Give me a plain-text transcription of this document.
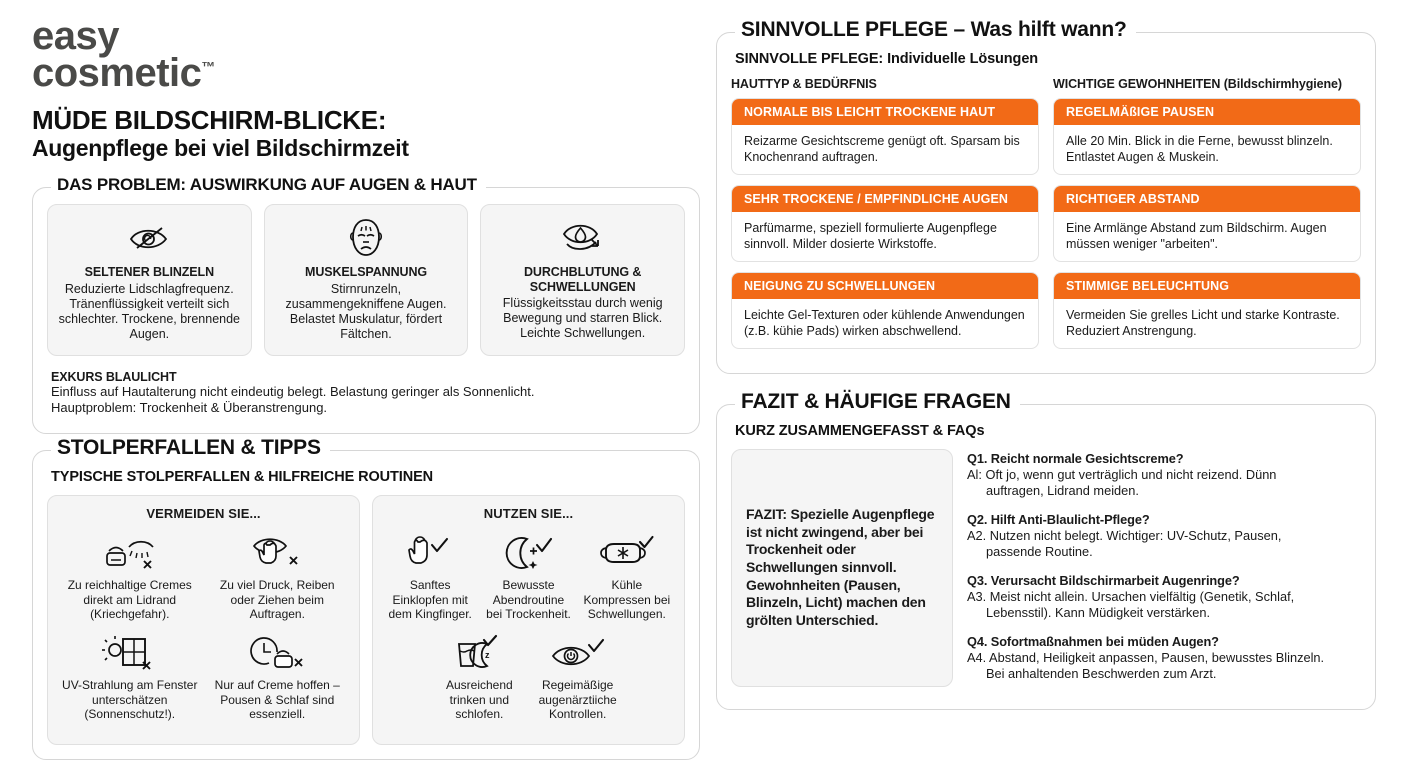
easy
cosmetic™
MÜDE BILDSCHIRM-BLICKE:
Augenpflege bei viel Bildschirmzeit
DAS PROBLEM: AUSWIRKUNG AUF AUGEN & HAUT
SELTENER BLINZELN
Reduzierte Lidschlagfrequenz. Tränenflüssigkeit verteilt sich schlechter. Trockene, brennende Augen.
MUSKELSPANNUNG
Stirnrunzeln, zusammengekniffene Augen. Belastet Muskulatur, fördert Fältchen.
DURCHBLUTUNG & SCHWELLUNGEN
Flüssigkeitsstau durch wenig Bewegung und starren Blick. Leichte Schwellungen.
EXKURS BLAULICHT
Einfluss auf Hautalterung nicht eindeutig belegt. Belastung geringer als Sonnenlicht.
Hauptproblem: Trockenheit & Überanstrengung.
STOLPERFALLEN & TIPPS
TYPISCHE STOLPERFALLEN & HILFREICHE ROUTINEN
VERMEIDEN SIE...
Zu reichhaltige Cremes direkt am Lidrand (Kriechgefahr).
Zu viel Druck, Reiben oder Ziehen beim Auftragen.
UV-Strahlung am Fenster unterschätzen (Sonnenschutz!).
Nur auf Creme hoffen – Pousen & Schlaf sind essenziell.
NUTZEN SIE...
Sanftes Einklopfen mit dem Kingfinger.
Bewusste Abendroutine bei Trockenheit.
Kühle Kompressen bei Schwellungen.
z
Ausreichend trinken und schlofen.
Regeimäßige augenärztiiche Kontrollen.
SINNVOLLE PFLEGE – Was hilft wann?
SINNVOLLE PFLEGE: Individuelle Lösungen
HAUTTYP & BEDÜRFNIS
NORMALE BIS LEICHT TROCKENE HAUT
Reizarme Gesichtscreme genügt oft. Sparsam bis Knochenrand auftragen.
SEHR TROCKENE / EMPFINDLICHE AUGEN
Parfümarme, speziell formulierte Augenpflege sinnvoll. Milder dosierte Wirkstoffe.
NEIGUNG ZU SCHWELLUNGEN
Leichte Gel-Texturen oder kühlende Anwendungen (z.B. kühie Pads) wirken abschwellend.
WICHTIGE GEWOHNHEITEN (Bildschirmhygiene)
REGELMÄßIGE PAUSEN
Alle 20 Min. Blick in die Ferne, bewusst blinzeln. Entlastet Augen & Muskein.
RICHTIGER ABSTAND
Eine Armlänge Abstand zum Bildschirm. Augen müssen weniger "arbeiten".
STIMMIGE BELEUCHTUNG
Vermeiden Sie grelles Licht und starke Kontraste. Reduziert Anstrengung.
FAZIT & HÄUFIGE FRAGEN
KURZ ZUSAMMENGEFASST & FAQs
FAZIT: Spezielle Augenpflege ist nicht zwingend, aber bei Trockenheit oder Schwellungen sinnvoll. Gewohnheiten (Pausen, Blinzeln, Licht) machen den grölten Unterschied.
Q1. Reicht normale Gesichtscreme?
Al: Oft jo, wenn gut verträglich und nicht reizend. Dünn
auftragen, Lidrand meiden.
Q2. Hilft Anti-Blaulicht-Pflege?
A2. Nutzen nicht belegt. Wichtiger: UV-Schutz, Pausen,
passende Routine.
Q3. Verursacht Bildschirmarbeit Augenringe?
A3. Meist nicht allein. Ursachen vielfältig (Genetik, Schlaf,
Lebensstil). Kann Müdigkeit verstärken.
Q4. Sofortmaßnahmen bei müden Augen?
A4. Abstand, Heiligkeit anpassen, Pausen, bewusstes Blinzeln.
Bei anhaltenden Beschwerden zum Arzt.
